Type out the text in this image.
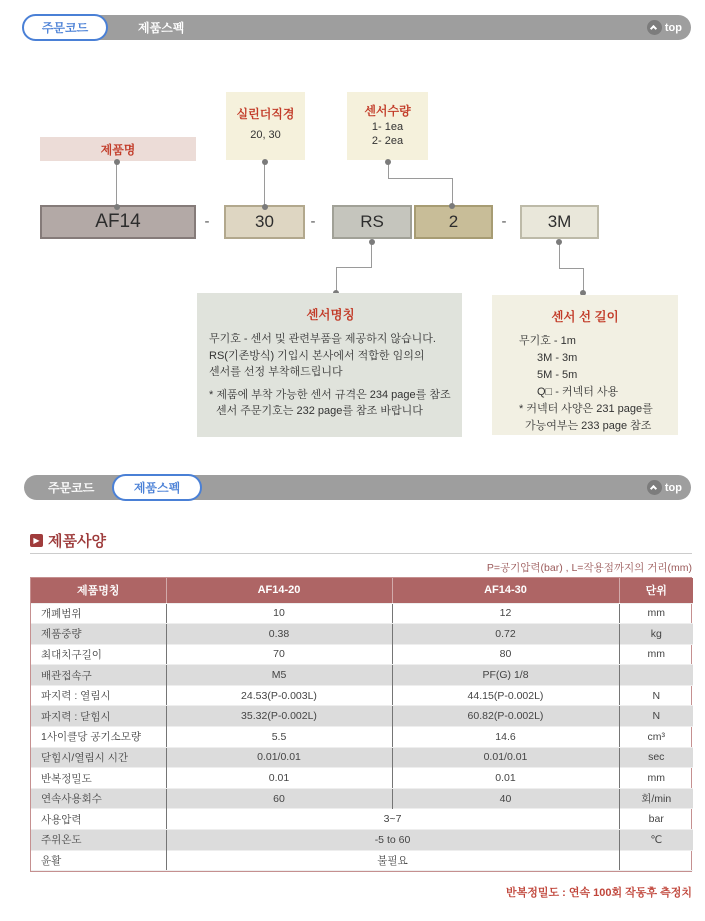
주문코드	제품스펙	top
제품명
실린더직경
20, 30
센서수량
1- 1ea
2- 2ea
AF14	-	30	-	RS	2	-	3M
센서명칭
무기호 - 센서 및 관련부품을 제공하지 않습니다.
RS(기존방식) 기입시 본사에서 적합한 임의의
센서를 선정 부착해드립니다
* 제품에 부착 가능한 센서 규격은 234 page를 참조
센서 주문기호는 232 page를 참조 바랍니다
센서 선 길이
무기호 - 1m
3M - 3m
5M - 5m
Q□ - 커넥터 사용
* 커넥터 사양은 231 page를
가능여부는 233 page 참조
주문코드	제품스펙	top
▶ 제품사양
P=공기압력(bar) , L=작용점까지의 거리(mm)
제품명칭	AF14-20	AF14-30	단위
개폐범위	10	12	mm
제품중량	0.38	0.72	kg
최대치구길이	70	80	mm
배관접속구	M5	PF(G) 1/8	
파지력 : 열림시	24.53(P-0.003L)	44.15(P-0.002L)	N
파지력 : 닫힘시	35.32(P-0.002L)	60.82(P-0.002L)	N
1사이클당 공기소모량	5.5	14.6	cm³
닫힘시/열림시 시간	0.01/0.01	0.01/0.01	sec
반복정밀도	0.01	0.01	mm
연속사용회수	60	40	회/min
사용압력	3~7		bar
주위온도	-5 to 60		℃
윤활	불필요		
반복정밀도 : 연속 100회 작동후 측정치
